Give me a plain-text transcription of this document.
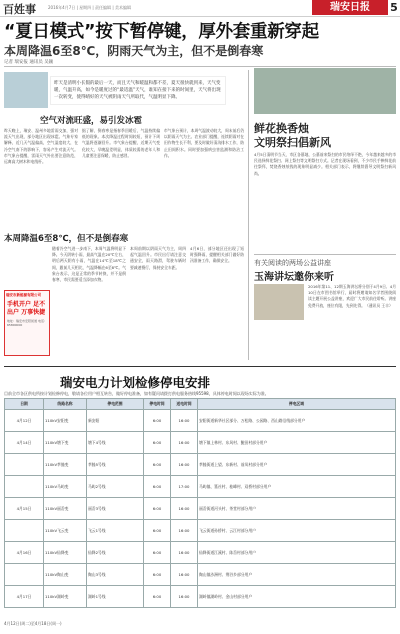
百姓事	2016年4月7日 | 星期四 | 责任编辑 | 美术编辑	瑞安日报	5
“夏日模式”按下暂停键，厚外套重新穿起
本周降温6至8℃，阴雨天气为主，但不是倒春寒
记者 瑞安报 通讯员 吴颖
昨天是清明小长假的最后一天，而且天气和暖温和都不差，夏天很快就到来，天气变暖，气温升高，如今是暖度过的“最适温”天气，谁知在接下来的时间里，天气将出现一次转变，使得晴好的天气被阴雨天气所取代，气温明显下降。
空气对流旺盛，易引发冰雹
昨天晚上，瑞安、温州多地雷雨交加，强对流天气出现，部分地区出现冰雹。气象专家解释，近几天气温偏高，空气湿度较大，在冷空气南下的影响下，容易产生对流天气。市气象台提醒，雷雨天气外出要注意防范，远离高大树木和电线杆。
据了解，倒春寒是指春季回暖后，气温持续偏低的现象。本次降温过程时间较短，预计下周气温将逐渐回升。市气象台提醒，近期天气变化较大，早晚温差明显，体质较弱的老年人和儿童要注意保暖，防止感冒。
市气象台预计，本周气温波动较大，周末前后仍以阴雨天气为主。农业部门提醒，连续阴雨对在田作物生长不利，要及时做好清沟排水工作，防止田间积水。同时要加强病虫害监测和防治工作。
本周降温6至8℃，但不是倒春寒
随着冷空气进一步南下，本周气温将明显下降。今天阴转小雨，最高气温在20℃左右，明后两天阴有小雨，气温在14℃至18℃之间，跟前几天相比，气温降幅在6至8℃。气象台表示，这是正常的季节转换，并不是倒春寒，市民需要适当添加衣物。
本周前期以阴雨天气为主，周四起气温回升。市民出行请注意交通安全，雨天路滑，驾驶车辆时要减速慢行，保持安全车距。
4月6日，部分地区还出现了短时强降雨，提醒相关部门做好防汛准备工作，确保安全。
瑞安市新能源有限公司
手机开户 足不出户 万事快捷
地址：瑞安市安阳街道 电话：65800000
鲜花换香烛
文明祭扫倡新风
4月5日清明节当天，市区各墓地、公墓前来祭扫的市民络绎不绝，今年越来越多的市民选择鲜花祭扫、网上祭扫等文明祭扫方式。记者在现场看到，不少市民手捧鲜花前往祭拜，焚烧香烛纸钱的现象明显减少。相关部门表示，将继续倡导文明祭扫新风尚。
有关阅读的两场公益讲座
玉海讲坛邀你来听
2016年第11、12期玉海讲坛将分别于4月9日、4月10日在市图书馆举行，届时将邀请知名学者围绕阅读主题开展公益讲座，欢迎广大市民前往聆听。讲座免费开放，座位有限，先到先得。（通讯员 王丰）
瑞安电力计划检修停电安排
目前全市各区供电所按计划检修停电，敬请各位用户相互转告，做好停电准备，如有疑问请拨打供电服务热线95598，具体停电时间以现场实际为准。
日期	线路名称	停电范围	停电时间	送电时间	停电区域
4月12日	110kV安阳变	新安阳	6:00	16:00	安阳街道新华社区部分、万松路、公园路、西山路沿线部分用户
4月14日	110kV塘下变	塘下4号线	6:00	16:00	塘下镇上林村、东风村、鲍田村部分用户
	110kV莘塍变	莘塍5号线	6:00	16:00	莘塍街道上望、东新村、前凤村部分用户
	110kV马屿变	马屿2号线	6:00	17:00	马屿镇、篁社村、桂峰村、双桥村部分用户
4月15日	110kV丽岙变	丽岙3号线	6:00	16:00	丽岙街道河头村、茶堂村部分用户
	110kV飞云变	飞云1号线	6:00	16:00	飞云街道孙桥村、云江村部分用户
4月16日	110kV仙降变	仙降2号线	6:00	16:00	仙降街道江溪村、陈岙村部分用户
	110kV陶山变	陶山3号线	6:00	16:00	陶山镇沙洲村、荆谷乡部分用户
4月17日	110kV湖岭变	湖岭1号线	6:00	16:00	湖岭镇湖岭村、金山村部分用户
4月12日(周二)至4月18日(周一)
